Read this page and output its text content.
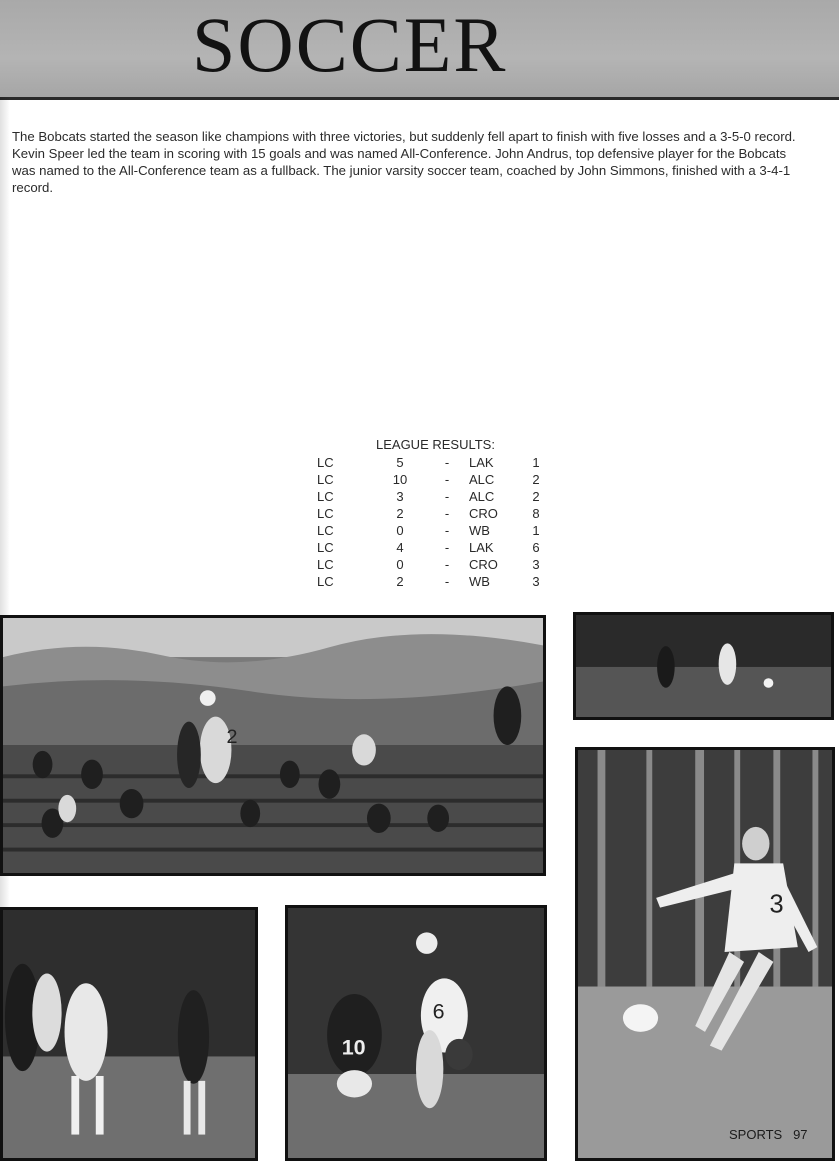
SOCCER

The Bobcats started the season like champions with three victories, but suddenly fell apart to finish with five losses and a 3-5-0 record. Kevin Speer led the team in scoring with 15 goals and was named All-Conference. John Andrus, top defensive player for the Bobcats was named to the All-Conference team as a fullback. The junior varsity soccer team, coached by John Simmons, finished with a 3-4-1 record.

LEAGUE RESULTS:
LC	5	-	LAK	1
LC	10	-	ALC	2
LC	3	-	ALC	2
LC	2	-	CRO	8
LC	0	-	WB	1
LC	4	-	LAK	6
LC	0	-	CRO	3
LC	2	-	WB	3
2
3
10
6
SPORTS 97
